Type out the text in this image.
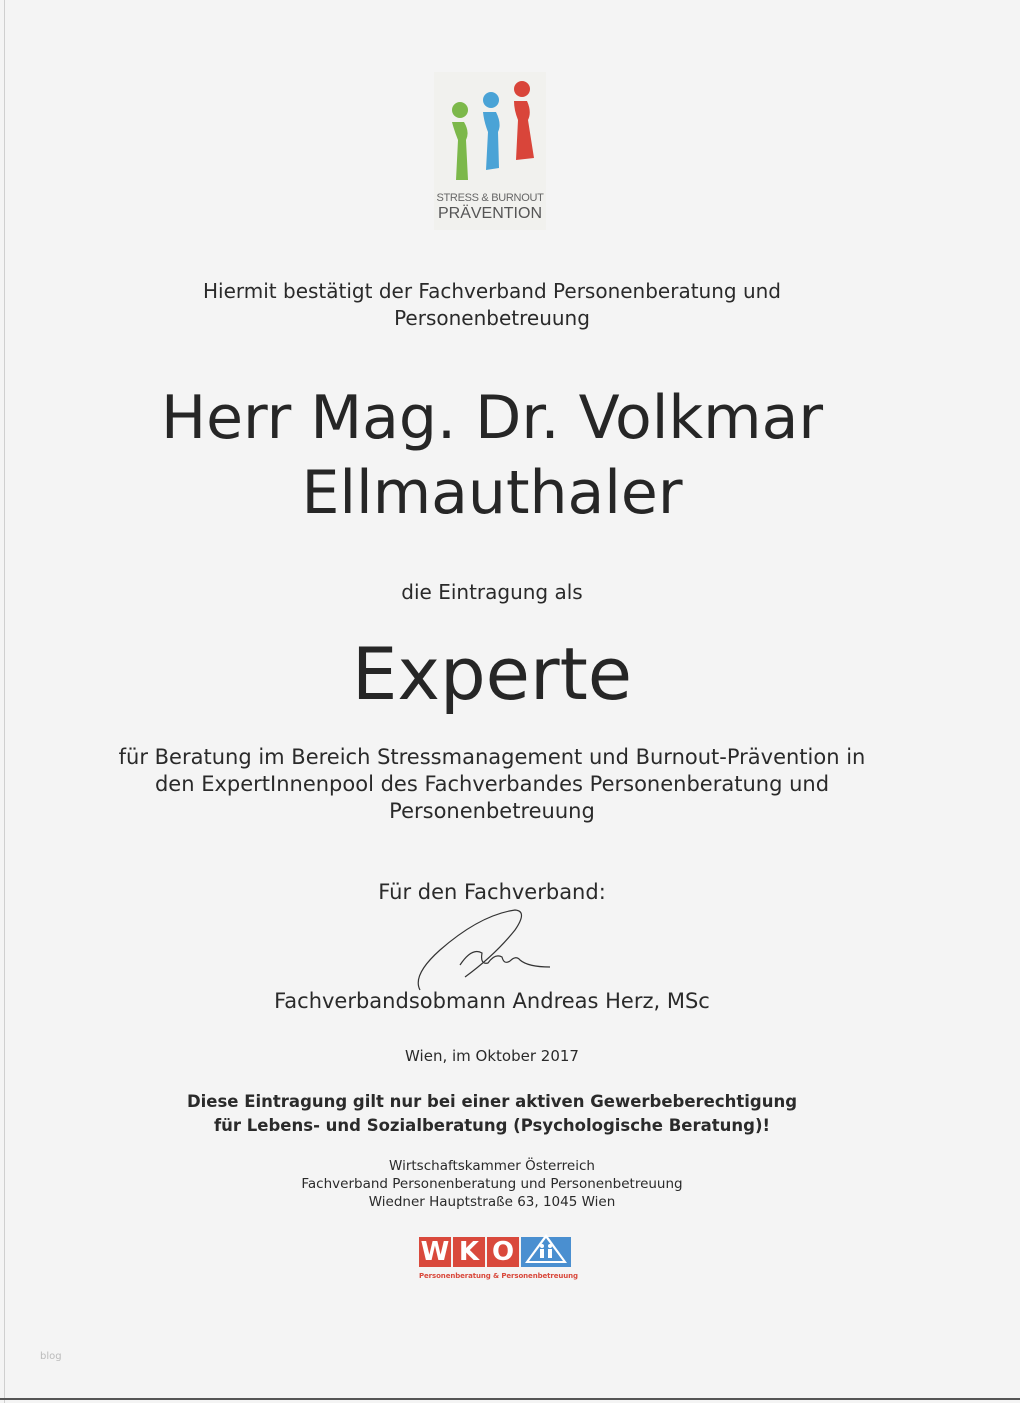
STRESS & BURNOUT
PRÄVENTION
Hiermit bestätigt der Fachverband Personenberatung und
Personenbetreuung
Herr Mag. Dr. Volkmar
Ellmauthaler
die Eintragung als
Experte
für Beratung im Bereich Stressmanagement und Burnout-Prävention in
den ExpertInnenpool des Fachverbandes Personenberatung und
Personenbetreuung
Für den Fachverband:
Fachverbandsobmann Andreas Herz, MSc
Wien, im Oktober 2017
Diese Eintragung gilt nur bei einer aktiven Gewerbeberechtigung
für Lebens- und Sozialberatung (Psychologische Beratung)!
Wirtschaftskammer Österreich
Fachverband Personenberatung und Personenbetreuung
Wiedner Hauptstraße 63, 1045 Wien
W K O
Personenberatung & Personenbetreuung
blog
